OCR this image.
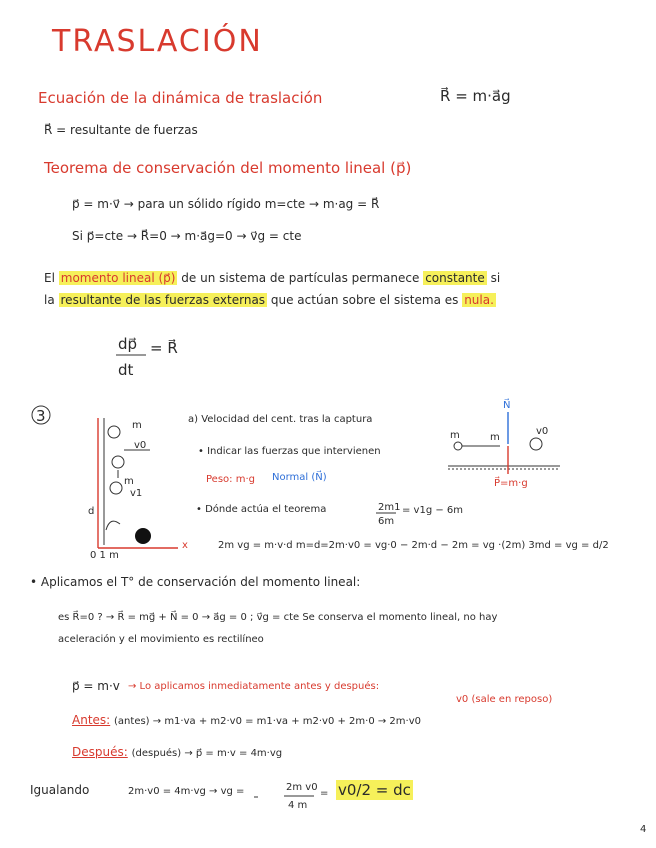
TRASLACIÓN
Ecuación de la dinámica de traslación	R⃗ = m·a⃗g
R⃗ = resultante de fuerzas
Teorema de conservación del momento lineal (p⃗)
p⃗ = m·v⃗ → para un sólido rígido m=cte → m·ag = R⃗
Si p⃗=cte → R⃗=0 → m·a⃗g=0 → v⃗g = cte
El momento lineal (p⃗) de un sistema de partículas permanece constante si
la resultante de las fuerzas externas que actúan sobre el sistema es nula.
dp⃗ = R⃗
dt
3
m
v0
m
v1
d
0 1 m
x
a) Velocidad del cent. tras la captura
• Indicar las fuerzas que intervienen
Peso: m·g Normal (N⃗)
• Dónde actúa el teorema	2m1
6m
= v1g − 6m
2m vg = m·v·d m=d=2m·v0 = vg·0 − 2m·d − 2m = vg ·(2m) 3md = vg = d/2
N⃗
m	m
v0
P⃗=m·g
• Aplicamos el T° de conservación del momento lineal:
es R⃗=0 ? → R⃗ = mg⃗ + N⃗ = 0 → a⃗g = 0 ; v⃗g = cte Se conserva el momento lineal, no hay
aceleración y el movimiento es rectilíneo
p⃗ = m·v → Lo aplicamos inmediatamente antes y después:
v0 (sale en reposo)
Antes: (antes) → m1·va + m2·v0 = m1·va + m2·v0 + 2m·0 → 2m·v0
Después: (después) → p⃗ = m·v = 4m·vg
Igualando	2m·v0 = 4m·vg → vg =	2m v0
4 m
= v0/2 = dc
4
